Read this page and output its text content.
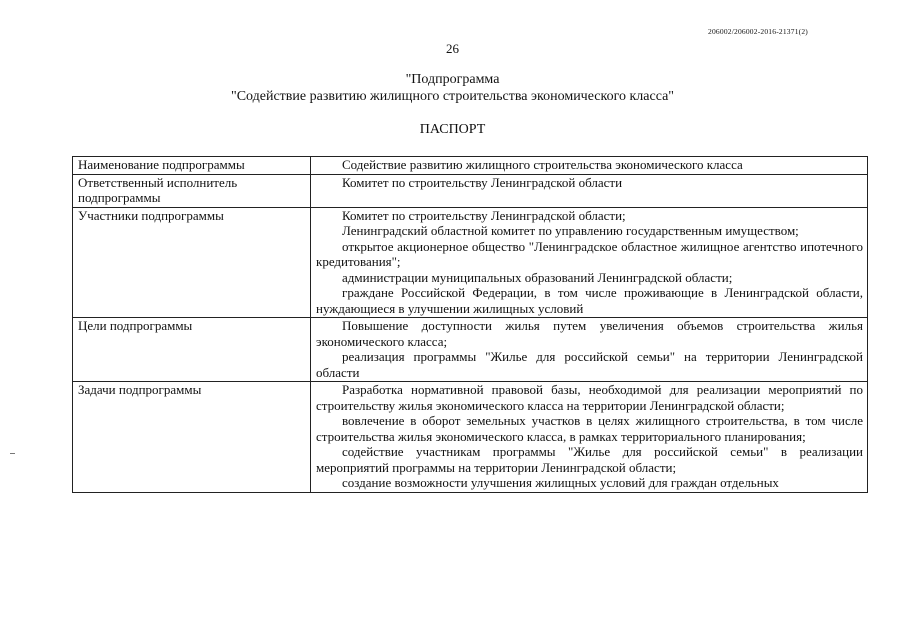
206002/206002-2016-21371(2)
26
"Подпрограмма
"Содействие развитию жилищного строительства экономического класса"
ПАСПОРТ
Наименование подпрограммы	Содействие развитию жилищного строительства экономического класса

Ответственный исполнитель подпрограммы	Комитет по строительству Ленинградской области

Участники подпрограммы	Комитет по строительству Ленинградской области;
Ленинградский областной комитет по управлению государственным имуществом;
открытое акционерное общество "Ленинградское областное жилищное агентство ипотечного кредитования";
администрации муниципальных образований Ленинградской области;
граждане Российской Федерации, в том числе проживающие в Ленинградской области, нуждающиеся в улучшении жилищных условий

Цели подпрограммы	Повышение доступности жилья путем увеличения объемов строительства жилья экономического класса;
реализация программы "Жилье для российской семьи" на территории Ленинградской области

Задачи подпрограммы	Разработка нормативной правовой базы, необходимой для реализации мероприятий по строительству жилья экономического класса на территории Ленинградской области;
вовлечение в оборот земельных участков в целях жилищного строительства, в том числе строительства жилья экономического класса, в рамках территориального планирования;
содействие участникам программы "Жилье для российской семьи" в реализации мероприятий программы на территории Ленинградской области;
создание возможности улучшения жилищных условий для граждан отдельных
